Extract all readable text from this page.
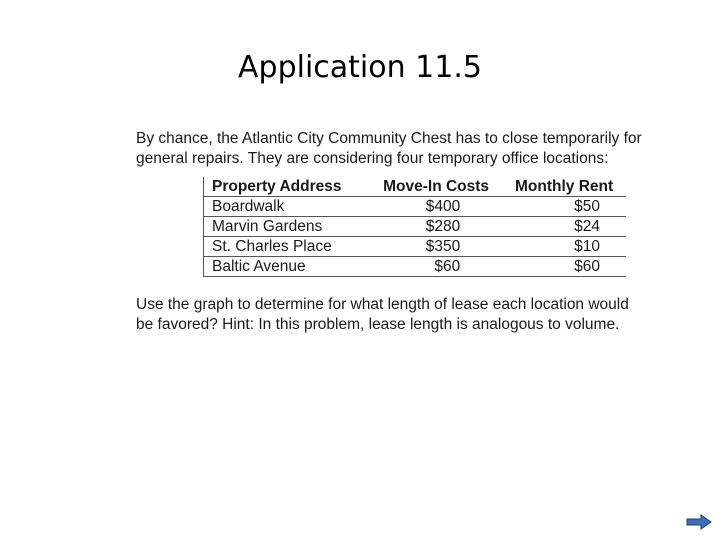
Application 11.5

By chance, the Atlantic City Community Chest has to close temporarily for

general repairs. They are considering four temporary office locations:

Property Address	Move-In Costs	Monthly Rent
Boardwalk	$400	$50
Marvin Gardens	$280	$24
St. Charles Place	$350	$10
Baltic Avenue	$60	$60

Use the graph to determine for what length of lease each location would

be favored? Hint: In this problem, lease length is analogous to volume.
